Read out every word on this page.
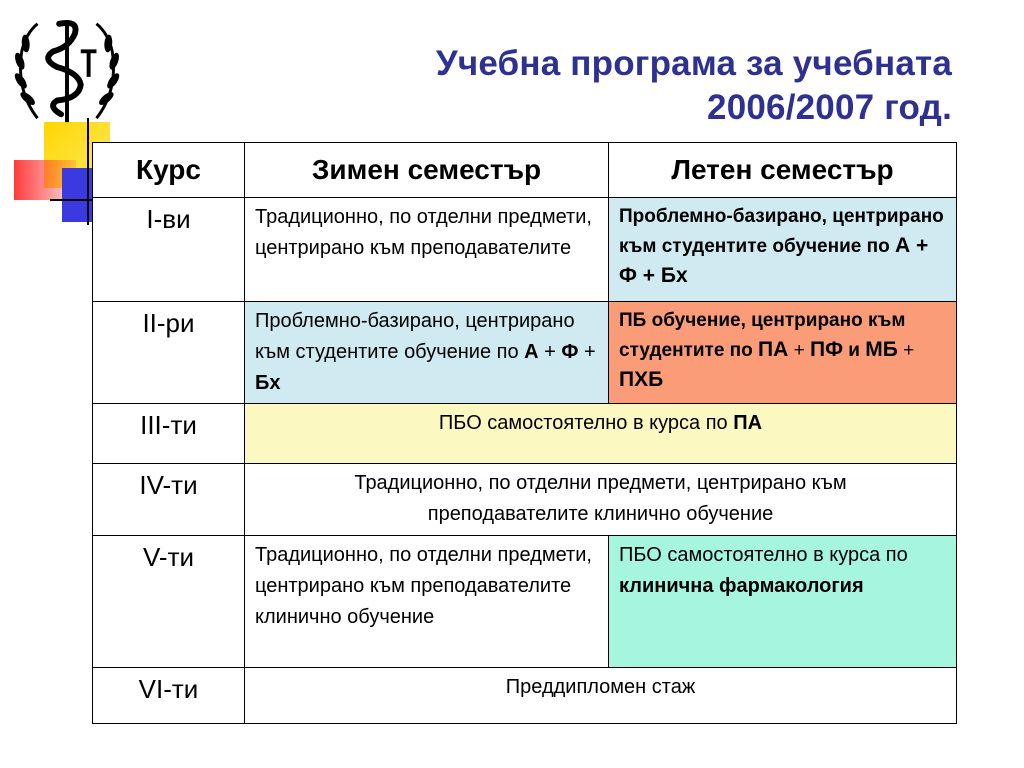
Учебна програма за учебната
2006/2007 год.
Курс	Зимен семестър	Летен семестър
I-ви	Традиционно, по отделни предмети, центрирано към преподавателите	Проблемно-базирано, центрирано към студентите обучение по А + Ф + Бх
II-ри	Проблемно-базирано, центрирано към студентите обучение по А + Ф + Бх	ПБ обучение, центрирано към студентите по ПА + ПФ и МБ + ПХБ
III-ти	ПБО самостоятелно в курса по ПА	
IV-ти	Традиционно, по отделни предмети, центрирано към преподавателите клинично обучение	
V-ти	Традиционно, по отделни предмети, центрирано към преподавателите клинично обучение	ПБО самостоятелно в курса по клинична фармакология
VI-ти	Преддипломен стаж	
